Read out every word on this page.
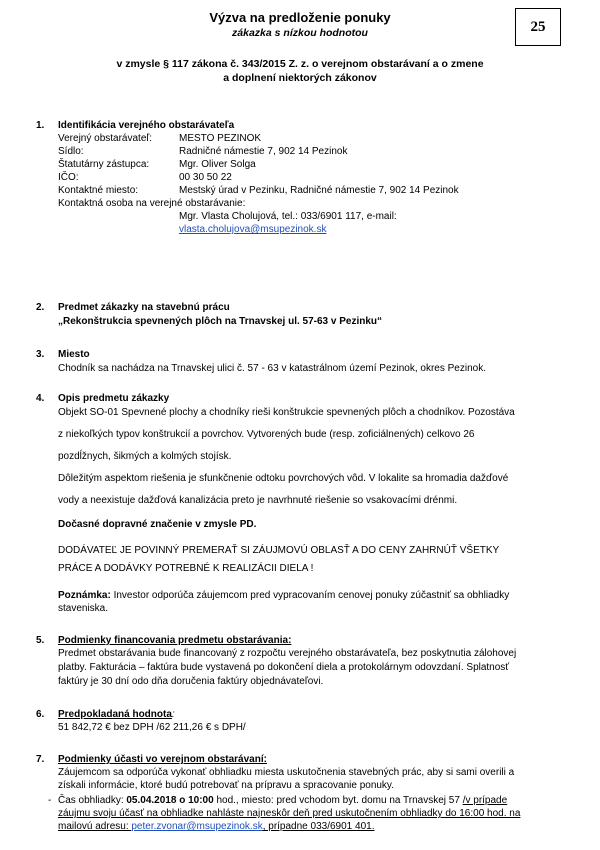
Výzva na predloženie ponuky
zákazka s nízkou hodnotou	25
v zmysle § 117 zákona č. 343/2015 Z. z. o verejnom obstarávaní a o zmene
a doplnení niektorých zákonov
1. Identifikácia verejného obstarávateľa
Verejný obstarávateľ:	MESTO PEZINOK
Sídlo:	Radničné námestie 7, 902 14 Pezinok
Štatutárny zástupca:	Mgr. Oliver Solga
IČO:	00 30 50 22
Kontaktné miesto:	Mestský úrad v Pezinku, Radničné námestie 7, 902 14 Pezinok
Kontaktná osoba na verejné obstarávanie:
Mgr. Vlasta Cholujová, tel.: 033/6901 117, e-mail:
vlasta.cholujova@msupezinok.sk
2. Predmet zákazky na stavebnú prácu
„Rekonštrukcia spevnených plôch na Trnavskej ul. 57-63 v Pezinku“
3. Miesto
Chodník sa nachádza na Trnavskej ulici č. 57 - 63 v katastrálnom území Pezinok, okres Pezinok.
4. Opis predmetu zákazky
Objekt SO-01 Spevnené plochy a chodníky rieši konštrukcie spevnených plôch a chodníkov. Pozostáva
z niekoľkých typov konštrukcií a povrchov. Vytvorených bude (resp. zoficiálnených) celkovo 26
pozdĺžnych, šikmých a kolmých stojísk.
Dôležitým aspektom riešenia je sfunkčnenie odtoku povrchových vôd. V lokalite sa hromadia dažďové
vody a neexistuje dažďová kanalizácia preto je navrhnuté riešenie so vsakovacími drénmi.
Dočasné dopravné značenie v zmysle PD.
DODÁVATEĽ JE POVINNÝ PREMERAŤ SI ZÁUJMOVÚ OBLASŤ A DO CENY ZAHRNÚŤ VŠETKY
PRÁCE A DODÁVKY POTREBNÉ K REALIZÁCII DIELA !
Poznámka: Investor odporúča záujemcom pred vypracovaním cenovej ponuky zúčastniť sa obhliadky
staveniska.
5. Podmienky financovania predmetu obstarávania:
Predmet obstarávania bude financovaný z rozpočtu verejného obstarávateľa, bez poskytnutia zálohovej
platby. Fakturácia – faktúra bude vystavená po dokončení diela a protokolárnym odovzdaní. Splatnosť
faktúry je 30 dní odo dňa doručenia faktúry objednávateľovi.
6. Predpokladaná hodnota:
51 842,72 € bez DPH /62 211,26 € s DPH/
7. Podmienky účasti vo verejnom obstarávaní:
Záujemcom sa odporúča vykonať obhliadku miesta uskutočnenia stavebných prác, aby si sami overili a
získali informácie, ktoré budú potrebovať na prípravu a spracovanie ponuky.
- Čas obhliadky: 05.04.2018 o 10:00 hod., miesto: pred vchodom byt. domu na Trnavskej 57 /v prípade
záujmu svoju účasť na obhliadke nahláste najneskôr deň pred uskutočnením obhliadky do 16:00 hod. na
mailovú adresu: peter.zvonar@msupezinok.sk, prípadne 033/6901 401.
